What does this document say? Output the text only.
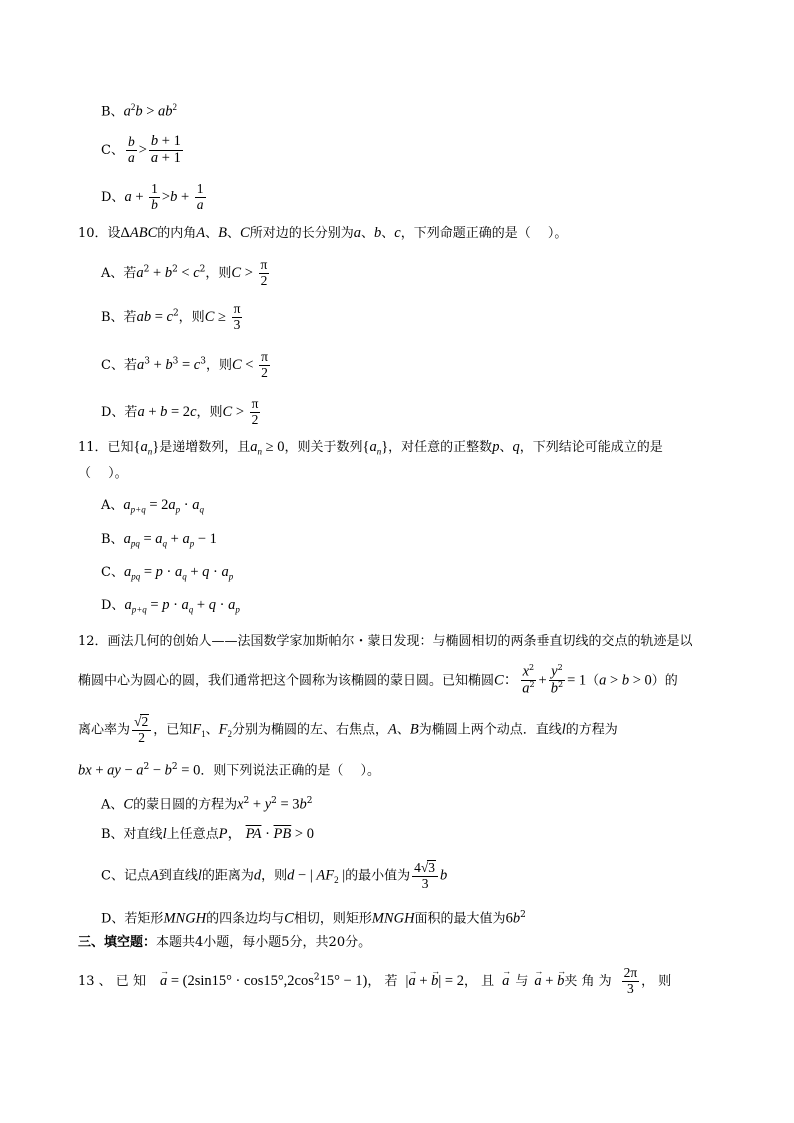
B、$a^2b > ab^2$
C、 $\frac{b}{a} > \frac{b + 1}{a + 1}$
D、$a + \frac{1}{b} >b + \frac{1}{a}$
10．设ΔABC的内角A、B、C所对边的长分别为a、b、c，下列命题正确的是（　 ）。
A、若$a^2 + b^2 < c^2$，则$C > \frac{\pi}{2}$
B、若ab = $c^2$，则$C \ge \frac{\pi}{3}$
C、若$a^3 + b^3 = c^3$，则$C < \frac{\pi}{2}$
D、若a + b = 2c，则$C > \frac{\pi}{2}$
11．已知$\{a_n\}$是递增数列，且$a_n \ge 0$，则关于数列$\{a_n\}$，对任意的正整数p、q，下列结论可能成立的是
（　 ）。
A、$a_{p+q} = 2a_p \cdot a_q$
B、$a_{pq} = a_q + a_p - 1$
C、$a_{pq} = p \cdot a_q + q \cdot a_p$
D、$a_{p+q} = p \cdot a_q + q \cdot a_p$
12．画法几何的创始人——法国数学家加斯帕尔・蒙日发现：与椭圆相切的两条垂直切线的交点的轨迹是以
椭圆中心为圆心的圆，我们通常把这个圆称为该椭圆的蒙日圆。已知椭圆C： $\frac{x^2}{a^2} + \frac{y^2}{b^2} = 1(a > b > 0)$的
离心率为 $\frac{√2}{2}$ ，已知$F_1$、$F_2$分别为椭圆的左、右焦点，A、B为椭圆上两个动点．直线l的方程为
bx + ay − $a^2 - b^2 = 0$．则下列说法正确的是（　 ）。
A、C的蒙日圆的方程为$x^2 + y^2 = 3b^2$
B、对直线l上任意点P， $\overline{PA} \cdot \overline{PB} > 0$
C、记点A到直线l的距离为d，则d − | $AF_2$ |的最小值为 $\frac{4√3}{3}$ b
D、若矩形MNGH的四条边均与C相切，则矩形MNGH面积的最大值为$6b^2$
三、填空题：本题共4小题，每小题5分，共20分。
13 、 已 知 → $a = (2\sin 15^\circ \cdot \cos 15^\circ,2\cos^215^\circ - 1)$， 若 |→ a + → b| = 2， 且 → a 与 → a + → b夹 角 为 $\frac{2\pi}{3}$ ， 则
